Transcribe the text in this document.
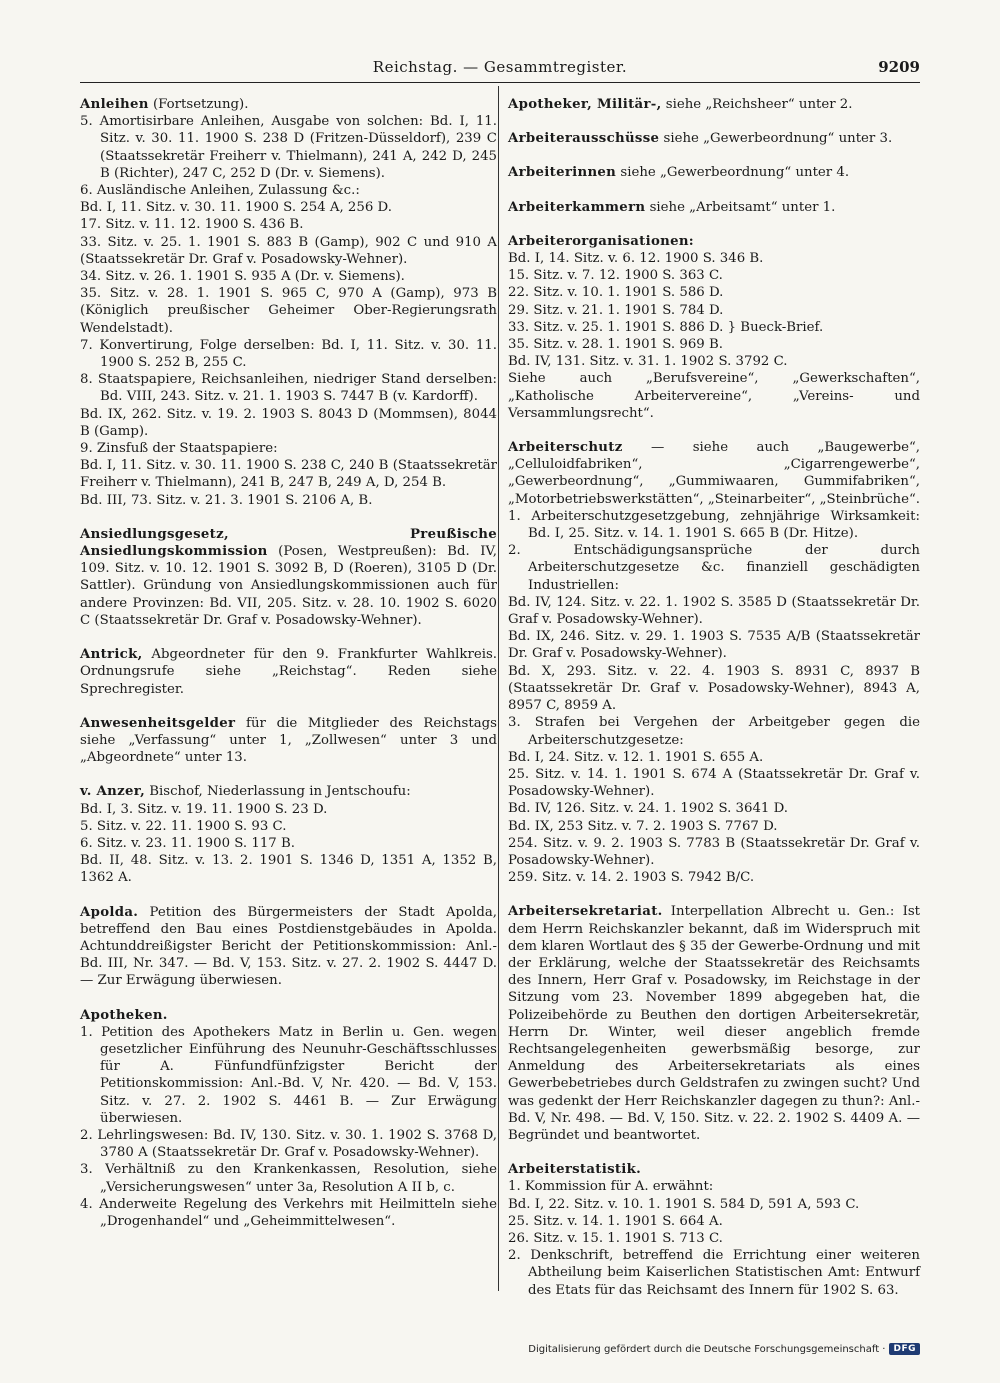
Reichstag. — Gesammtregister.	9209

Anleihen (Fortsetzung).

5. Amortisirbare Anleihen, Ausgabe von solchen: Bd. I, 11. Sitz. v. 30. 11. 1900 S. 238 D (Fritzen-Düsseldorf), 239 C (Staatssekretär Freiherr v. Thielmann), 241 A, 242 D, 245 B (Richter), 247 C, 252 D (Dr. v. Siemens).

6. Ausländische Anleihen, Zulassung &c.:

Bd. I, 11. Sitz. v. 30. 11. 1900 S. 254 A, 256 D.

17. Sitz. v. 11. 12. 1900 S. 436 B.

33. Sitz. v. 25. 1. 1901 S. 883 B (Gamp), 902 C und 910 A (Staatssekretär Dr. Graf v. Posadowsky-Wehner).

34. Sitz. v. 26. 1. 1901 S. 935 A (Dr. v. Siemens).

35. Sitz. v. 28. 1. 1901 S. 965 C, 970 A (Gamp), 973 B (Königlich preußischer Geheimer Ober-Regierungsrath Wendelstadt).

7. Konvertirung, Folge derselben: Bd. I, 11. Sitz. v. 30. 11. 1900 S. 252 B, 255 C.

8. Staatspapiere, Reichsanleihen, niedriger Stand derselben: Bd. VIII, 243. Sitz. v. 21. 1. 1903 S. 7447 B (v. Kardorff).

Bd. IX, 262. Sitz. v. 19. 2. 1903 S. 8043 D (Mommsen), 8044 B (Gamp).

9. Zinsfuß der Staatspapiere:

Bd. I, 11. Sitz. v. 30. 11. 1900 S. 238 C, 240 B (Staatssekretär Freiherr v. Thielmann), 241 B, 247 B, 249 A, D, 254 B.

Bd. III, 73. Sitz. v. 21. 3. 1901 S. 2106 A, B.

Ansiedlungsgesetz, Preußische Ansiedlungskommission (Posen, Westpreußen): Bd. IV, 109. Sitz. v. 10. 12. 1901 S. 3092 B, D (Roeren), 3105 D (Dr. Sattler). Gründung von Ansiedlungskommissionen auch für andere Provinzen: Bd. VII, 205. Sitz. v. 28. 10. 1902 S. 6020 C (Staatssekretär Dr. Graf v. Posadowsky-Wehner).

Antrick, Abgeordneter für den 9. Frankfurter Wahlkreis. Ordnungsrufe siehe „Reichstag“. Reden siehe Sprechregister.

Anwesenheitsgelder für die Mitglieder des Reichstags siehe „Verfassung“ unter 1, „Zollwesen“ unter 3 und „Abgeordnete“ unter 13.

v. Anzer, Bischof, Niederlassung in Jentschoufu:

Bd. I, 3. Sitz. v. 19. 11. 1900 S. 23 D.

5. Sitz. v. 22. 11. 1900 S. 93 C.

6. Sitz. v. 23. 11. 1900 S. 117 B.

Bd. II, 48. Sitz. v. 13. 2. 1901 S. 1346 D, 1351 A, 1352 B, 1362 A.

Apolda. Petition des Bürgermeisters der Stadt Apolda, betreffend den Bau eines Postdienstgebäudes in Apolda. Achtunddreißigster Bericht der Petitionskommission: Anl.-Bd. III, Nr. 347. — Bd. V, 153. Sitz. v. 27. 2. 1902 S. 4447 D. — Zur Erwägung überwiesen.

Apotheken.

1. Petition des Apothekers Matz in Berlin u. Gen. wegen gesetzlicher Einführung des Neunuhr-Geschäftsschlusses für A. Fünfundfünfzigster Bericht der Petitionskommission: Anl.-Bd. V, Nr. 420. — Bd. V, 153. Sitz. v. 27. 2. 1902 S. 4461 B. — Zur Erwägung überwiesen.

2. Lehrlingswesen: Bd. IV, 130. Sitz. v. 30. 1. 1902 S. 3768 D, 3780 A (Staatssekretär Dr. Graf v. Posadowsky-Wehner).

3. Verhältniß zu den Krankenkassen, Resolution, siehe „Versicherungswesen“ unter 3a, Resolution A II b, c.

4. Anderweite Regelung des Verkehrs mit Heilmitteln siehe „Drogenhandel“ und „Geheimmittelwesen“.

Apotheker, Militär-, siehe „Reichsheer“ unter 2.

Arbeiterausschüsse siehe „Gewerbeordnung“ unter 3.

Arbeiterinnen siehe „Gewerbeordnung“ unter 4.

Arbeiterkammern siehe „Arbeitsamt“ unter 1.

Arbeiterorganisationen:

Bd. I, 14. Sitz. v. 6. 12. 1900 S. 346 B.

15. Sitz. v. 7. 12. 1900 S. 363 C.

22. Sitz. v. 10. 1. 1901 S. 586 D.

29. Sitz. v. 21. 1. 1901 S. 784 D.

33. Sitz. v. 25. 1. 1901 S. 886 D. } Bueck-Brief.

35. Sitz. v. 28. 1. 1901 S. 969 B.

Bd. IV, 131. Sitz. v. 31. 1. 1902 S. 3792 C.

Siehe auch „Berufsvereine“, „Gewerkschaften“, „Katholische Arbeitervereine“, „Vereins- und Versammlungsrecht“.

Arbeiterschutz — siehe auch „Baugewerbe“, „Celluloidfabriken“, „Cigarrengewerbe“, „Gewerbeordnung“, „Gummiwaaren, Gummifabriken“, „Motorbetriebswerkstätten“, „Steinarbeiter“, „Steinbrüche“.

1. Arbeiterschutzgesetzgebung, zehnjährige Wirksamkeit: Bd. I, 25. Sitz. v. 14. 1. 1901 S. 665 B (Dr. Hitze).

2. Entschädigungsansprüche der durch Arbeiterschutzgesetze &c. finanziell geschädigten Industriellen:

Bd. IV, 124. Sitz. v. 22. 1. 1902 S. 3585 D (Staatssekretär Dr. Graf v. Posadowsky-Wehner).

Bd. IX, 246. Sitz. v. 29. 1. 1903 S. 7535 A/B (Staatssekretär Dr. Graf v. Posadowsky-Wehner).

Bd. X, 293. Sitz. v. 22. 4. 1903 S. 8931 C, 8937 B (Staatssekretär Dr. Graf v. Posadowsky-Wehner), 8943 A, 8957 C, 8959 A.

3. Strafen bei Vergehen der Arbeitgeber gegen die Arbeiterschutzgesetze:

Bd. I, 24. Sitz. v. 12. 1. 1901 S. 655 A.

25. Sitz. v. 14. 1. 1901 S. 674 A (Staatssekretär Dr. Graf v. Posadowsky-Wehner).

Bd. IV, 126. Sitz. v. 24. 1. 1902 S. 3641 D.

Bd. IX, 253 Sitz. v. 7. 2. 1903 S. 7767 D.

254. Sitz. v. 9. 2. 1903 S. 7783 B (Staatssekretär Dr. Graf v. Posadowsky-Wehner).

259. Sitz. v. 14. 2. 1903 S. 7942 B/C.

Arbeitersekretariat. Interpellation Albrecht u. Gen.: Ist dem Herrn Reichskanzler bekannt, daß im Widerspruch mit dem klaren Wortlaut des § 35 der Gewerbe-Ordnung und mit der Erklärung, welche der Staatssekretär des Reichsamts des Innern, Herr Graf v. Posadowsky, im Reichstage in der Sitzung vom 23. November 1899 abgegeben hat, die Polizeibehörde zu Beuthen den dortigen Arbeitersekretär, Herrn Dr. Winter, weil dieser angeblich fremde Rechtsangelegenheiten gewerbsmäßig besorge, zur Anmeldung des Arbeitersekretariats als eines Gewerbebetriebes durch Geldstrafen zu zwingen sucht? Und was gedenkt der Herr Reichskanzler dagegen zu thun?: Anl.-Bd. V, Nr. 498. — Bd. V, 150. Sitz. v. 22. 2. 1902 S. 4409 A. — Begründet und beantwortet.

Arbeiterstatistik.

1. Kommission für A. erwähnt:

Bd. I, 22. Sitz. v. 10. 1. 1901 S. 584 D, 591 A, 593 C.

25. Sitz. v. 14. 1. 1901 S. 664 A.

26. Sitz. v. 15. 1. 1901 S. 713 C.

2. Denkschrift, betreffend die Errichtung einer weiteren Abtheilung beim Kaiserlichen Statistischen Amt: Entwurf des Etats für das Reichsamt des Innern für 1902 S. 63.

Digitalisierung gefördert durch die Deutsche Forschungsgemeinschaft · DFG
